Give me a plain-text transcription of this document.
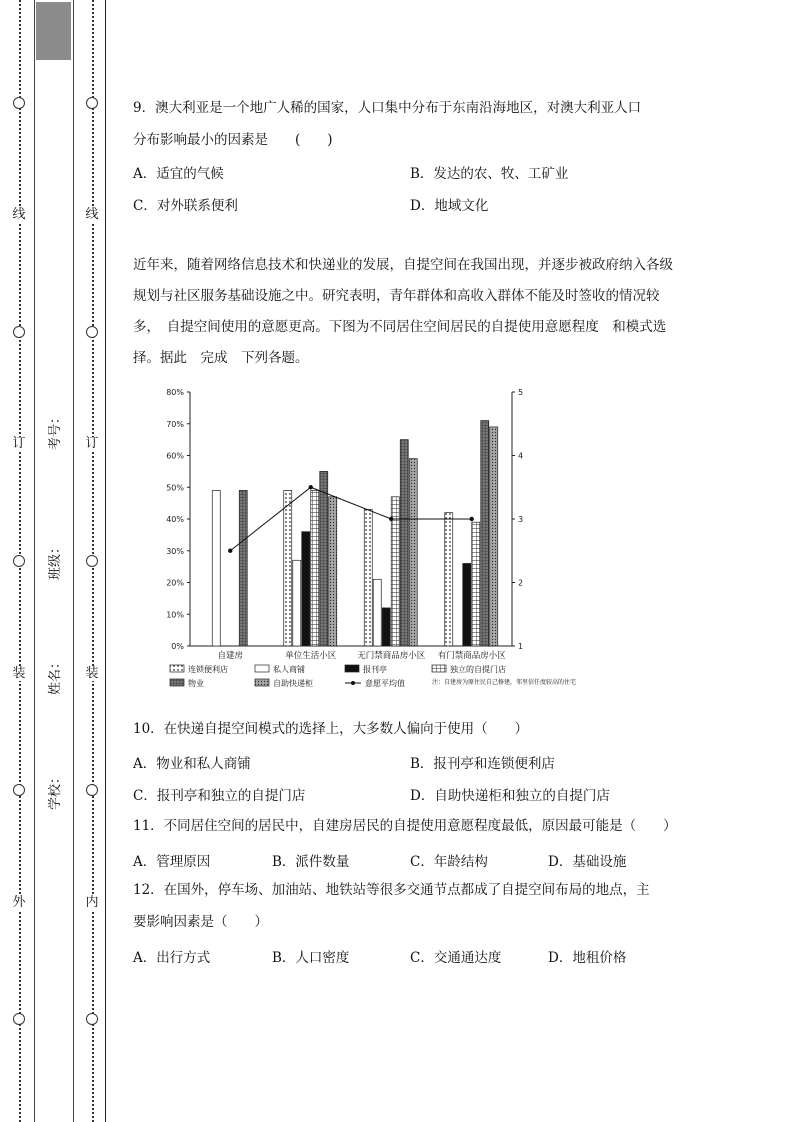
线
订
装
外
学校：
姓名：
班级：
考号：
线
订
装
内
9．澳大利亚是一个地广人稀的国家，人口集中分布于东南沿海地区，对澳大利亚人口
分布影响最小的因素是　　(　　)
A．适宜的气候	B．发达的农、牧、工矿业
C．对外联系便利	D．地域文化
近年来，随着网络信息技术和快递业的发展，自提空间在我国出现，并逐步被政府纳入各级规划与社区服务基础设施之中。研究表明，青年群体和高收入群体不能及时签收的情况较多，　自提空间使用的意愿更高。下图为不同居住空间居民的自提使用意愿程度　和模式选择。据此　完成　下列各题。
0%
10%
20%
30%
40%
50%
60%
70%
80%
1
2
3
4
5
自建房	单位生活小区 无门禁商品房小区 有门禁商品房小区
连锁便利店	私人商铺	报刊亭	独立的自提门店
物业	自助快递柜	意愿平均值	注：自建房为原住民自己修建，邻里信任度较高的住宅
10．在快递自提空间模式的选择上，大多数人偏向于使用（　　）
A．物业和私人商铺	B．报刊亭和连锁便利店
C．报刊亭和独立的自提门店	D．自助快递柜和独立的自提门店
11．不同居住空间的居民中，自建房居民的自提使用意愿程度最低，原因最可能是（　　）
A．管理原因	B．派件数量	C．年龄结构	D．基础设施
12．在国外，停车场、加油站、地铁站等很多交通节点都成了自提空间布局的地点，主
要影响因素是（　　）
A．出行方式	B．人口密度	C．交通通达度	D．地租价格
